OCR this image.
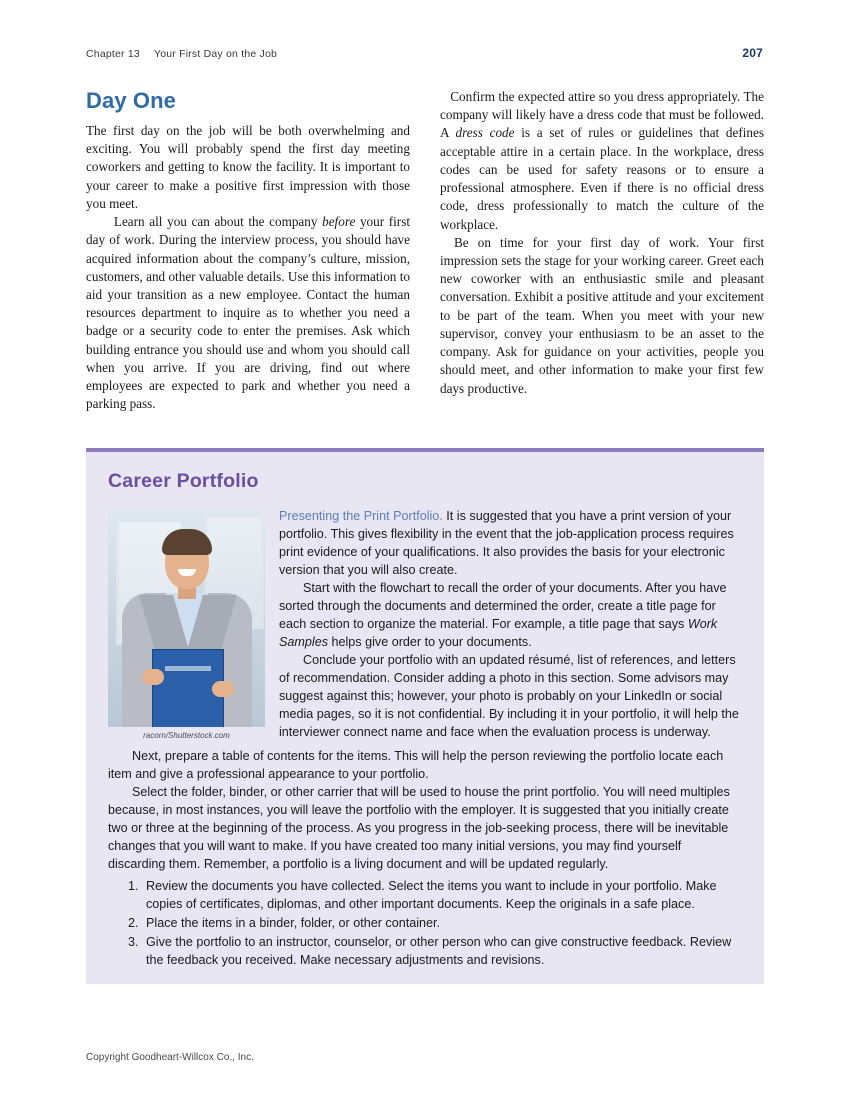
Chapter 13 Your First Day on the Job	207
Day One

The first day on the job will be both overwhelming and exciting. You will probably spend the first day meeting coworkers and getting to know the facility. It is important to your career to make a positive first impression with those you meet.

Learn all you can about the company before your first day of work. During the interview process, you should have acquired information about the company’s culture, mission, customers, and other valuable details. Use this information to aid your transition as a new employee. Contact the human resources department to inquire as to whether you need a badge or a security code to enter the premises. Ask which building entrance you should use and whom you should call when you arrive. If you are driving, find out where employees are expected to park and whether you need a parking pass.

Confirm the expected attire so you dress appropriately. The company will likely have a dress code that must be followed. A dress code is a set of rules or guidelines that defines acceptable attire in a certain place. In the workplace, dress codes can be used for safety reasons or to ensure a professional atmosphere. Even if there is no official dress code, dress professionally to match the culture of the workplace.

Be on time for your first day of work. Your first impression sets the stage for your working career. Greet each new coworker with an enthusiastic smile and pleasant conversation. Exhibit a positive attitude and your excitement to be part of the team. When you meet with your new supervisor, convey your enthusiasm to be an asset to the company. Ask for guidance on your activities, people you should meet, and other information to make your first few days productive.

Career Portfolio
racorn/Shutterstock.com

Presenting the Print Portfolio. It is suggested that you have a print version of your portfolio. This gives flexibility in the event that the job-application process requires print evidence of your qualifications. It also provides the basis for your electronic version that you will also create.

Start with the flowchart to recall the order of your documents. After you have sorted through the documents and determined the order, create a title page for each section to organize the material. For example, a title page that says Work Samples helps give order to your documents.

Conclude your portfolio with an updated résumé, list of references, and letters of recommendation. Consider adding a photo in this section. Some advisors may suggest against this; however, your photo is probably on your LinkedIn or social media pages, so it is not confidential. By including it in your portfolio, it will help the interviewer connect name and face when the evaluation process is underway.

Next, prepare a table of contents for the items. This will help the person reviewing the portfolio locate each item and give a professional appearance to your portfolio.

Select the folder, binder, or other carrier that will be used to house the print portfolio. You will need multiples because, in most instances, you will leave the portfolio with the employer. It is suggested that you initially create two or three at the beginning of the process. As you progress in the job-seeking process, there will be inevitable changes that you will want to make. If you have created too many initial versions, you may find yourself discarding them. Remember, a portfolio is a living document and will be updated regularly.

1. Review the documents you have collected. Select the items you want to include in your portfolio. Make copies of certificates, diplomas, and other important documents. Keep the originals in a safe place.
2. Place the items in a binder, folder, or other container.
3. Give the portfolio to an instructor, counselor, or other person who can give constructive feedback. Review the feedback you received. Make necessary adjustments and revisions.
Copyright Goodheart-Willcox Co., Inc.
